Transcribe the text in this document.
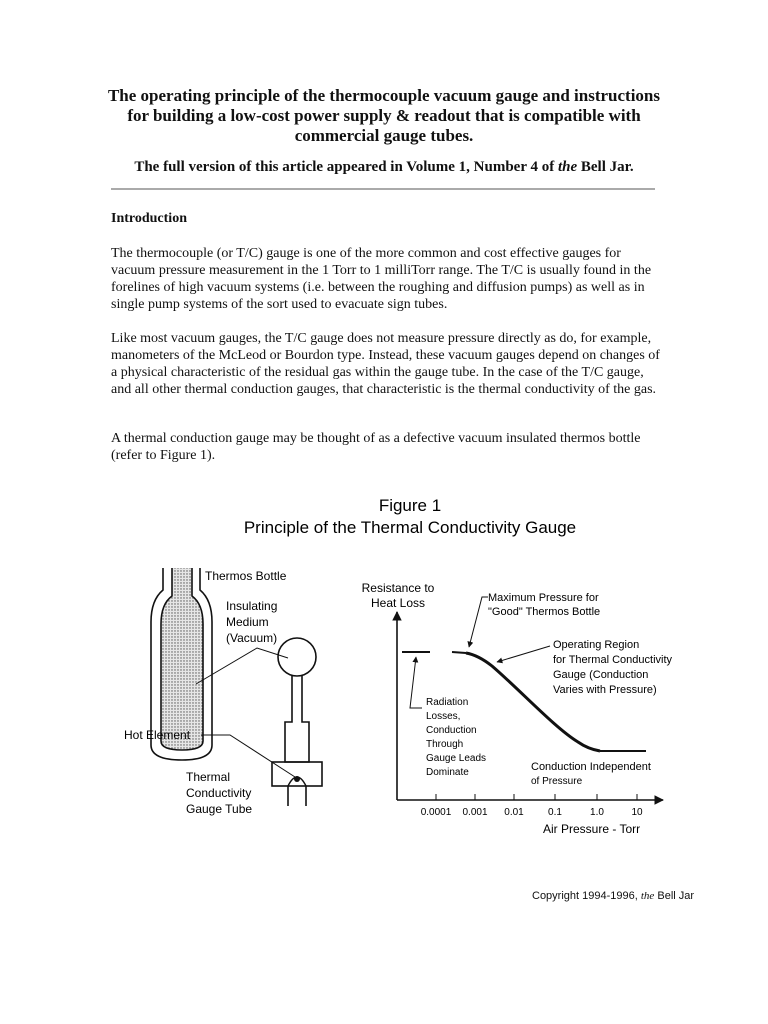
The operating principle of the thermocouple vacuum gauge and instructions for building a low-cost power supply & readout that is compatible with commercial gauge tubes.
The full version of this article appeared in Volume 1, Number 4 of the Bell Jar.
Introduction

The thermocouple (or T/C) gauge is one of the more common and cost effective gauges for vacuum pressure measurement in the 1 Torr to 1 milliTorr range. The T/C is usually found in the forelines of high vacuum systems (i.e. between the roughing and diffusion pumps) as well as in single pump systems of the sort used to evacuate sign tubes.

Like most vacuum gauges, the T/C gauge does not measure pressure directly as do, for example, manometers of the McLeod or Bourdon type. Instead, these vacuum gauges depend on changes of a physical characteristic of the residual gas within the gauge tube. In the case of the T/C gauge, and all other thermal conduction gauges, that characteristic is the thermal conductivity of the gas.

A thermal conduction gauge may be thought of as a defective vacuum insulated thermos bottle (refer to Figure 1).

Figure 1
Principle of the Thermal Conductivity Gauge
Thermos Bottle
Insulating
Medium
(Vacuum)
Hot Element
Thermal
Conductivity
Gauge Tube	0.0001 0.001 0.01 0.1	1.0	10
Resistance to
Heat Loss
Air Pressure - Torr
Maximum Pressure for
"Good" Thermos Bottle
Operating Region
for Thermal Conductivity
Gauge (Conduction
Varies with Pressure)
Radiation
Losses,
Conduction
Through
Gauge Leads
Dominate	Conduction Independent
of Pressure
Copyright 1994-1996, the Bell Jar
